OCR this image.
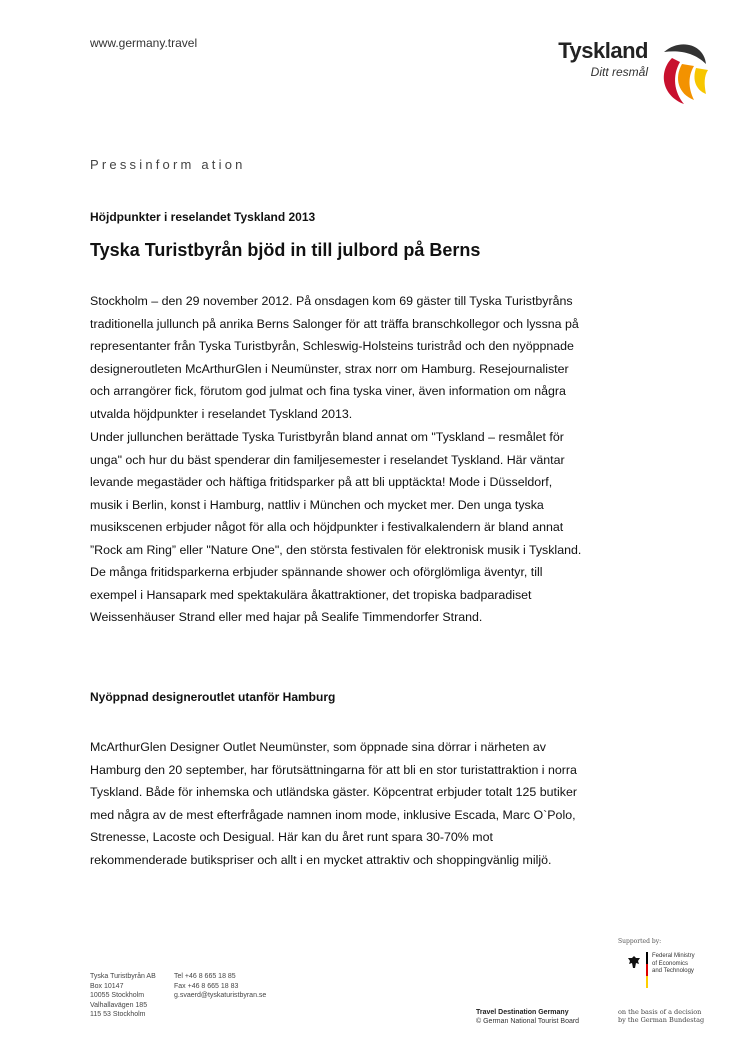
www.germany.travel	Tyskland
Ditt resmål
Pressinform ation
Höjdpunkter i reselandet Tyskland 2013
Tyska Turistbyrån bjöd in till julbord på Berns

Stockholm – den 29 november 2012. På onsdagen kom 69 gäster till Tyska Turistbyråns
traditionella jullunch på anrika Berns Salonger för att träffa branschkollegor och lyssna på
representanter från Tyska Turistbyrån, Schleswig-Holsteins turistråd och den nyöppnade
designeroutleten McArthurGlen i Neumünster, strax norr om Hamburg. Resejournalister
och arrangörer fick, förutom god julmat och fina tyska viner, även information om några
utvalda höjdpunkter i reselandet Tyskland 2013.

Under jullunchen berättade Tyska Turistbyrån bland annat om "Tyskland – resmålet för
unga" och hur du bäst spenderar din familjesemester i reselandet Tyskland. Här väntar
levande megastäder och häftiga fritidsparker på att bli upptäckta! Mode i Düsseldorf,
musik i Berlin, konst i Hamburg, nattliv i München och mycket mer. Den unga tyska
musikscenen erbjuder något för alla och höjdpunkter i festivalkalendern är bland annat
”Rock am Ring” eller "Nature One", den största festivalen för elektronisk musik i Tyskland.
De många fritidsparkerna erbjuder spännande shower och oförglömliga äventyr, till
exempel i Hansapark med spektakulära åkattraktioner, det tropiska badparadiset
Weissenhäuser Strand eller med hajar på Sealife Timmendorfer Strand.

Nyöppnad designeroutlet utanför Hamburg

McArthurGlen Designer Outlet Neumünster, som öppnade sina dörrar i närheten av
Hamburg den 20 september, har förutsättningarna för att bli en stor turistattraktion i norra
Tyskland. Både för inhemska och utländska gäster. Köpcentrat erbjuder totalt 125 butiker
med några av de mest efterfrågade namnen inom mode, inklusive Escada, Marc O`Polo,
Strenesse, Lacoste och Desigual. Här kan du året runt spara 30-70% mot
rekommenderade butikspriser och allt i en mycket attraktiv och shoppingvänlig miljö.

Tyska Turistbyrån AB
Box 10147
10055 Stockholm
Valhallavägen 185
115 53 Stockholm
Tel +46 8 665 18 85
Fax +46 8 665 18 83
g.svaerd@tyskaturistbyran.se
Travel Destination Germany
© German National Tourist Board
Supported by:
Federal Ministry
of Economics
and Technology
on the basis of a decision
by the German Bundestag
